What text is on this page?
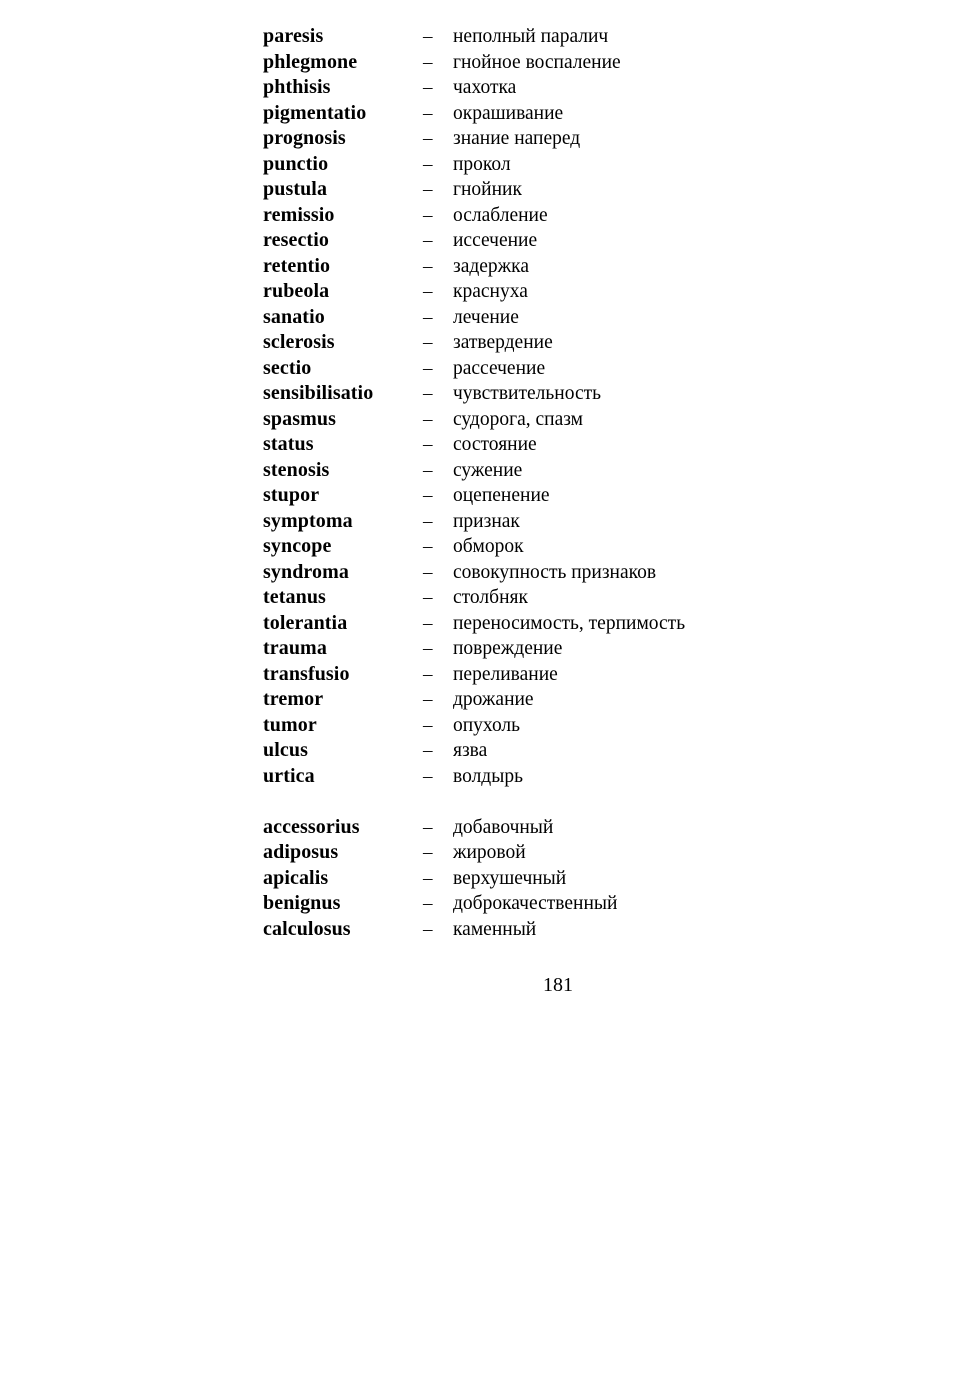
paresis	–	неполный паралич
phlegmone	–	гнойное воспаление
phthisis	–	чахотка
pigmentatio	–	окрашивание
prognosis	–	знание наперед
punctio	–	прокол
pustula	–	гнойник
remissio	–	ослабление
resectio	–	иссечение
retentio	–	задержка
rubeola	–	краснуха
sanatio	–	лечение
sclerosis	–	затвердение
sectio	–	рассечение
sensibilisatio	–	чувствительность
spasmus	–	судорога, спазм
status	–	состояние
stenosis	–	сужение
stupor	–	оцепенение
symptoma	–	признак
syncope	–	обморок
syndroma	–	совокупность признаков
tetanus	–	столбняк
tolerantia	–	переносимость, терпимость
trauma	–	повреждение
transfusio	–	переливание
tremor	–	дрожание
tumor	–	опухоль
ulcus	–	язва
urtica	–	волдырь
accessorius	–	добавочный
adiposus	–	жировой
apicalis	–	верхушечный
benignus	–	доброкачественный
calculosus	–	каменный
181
